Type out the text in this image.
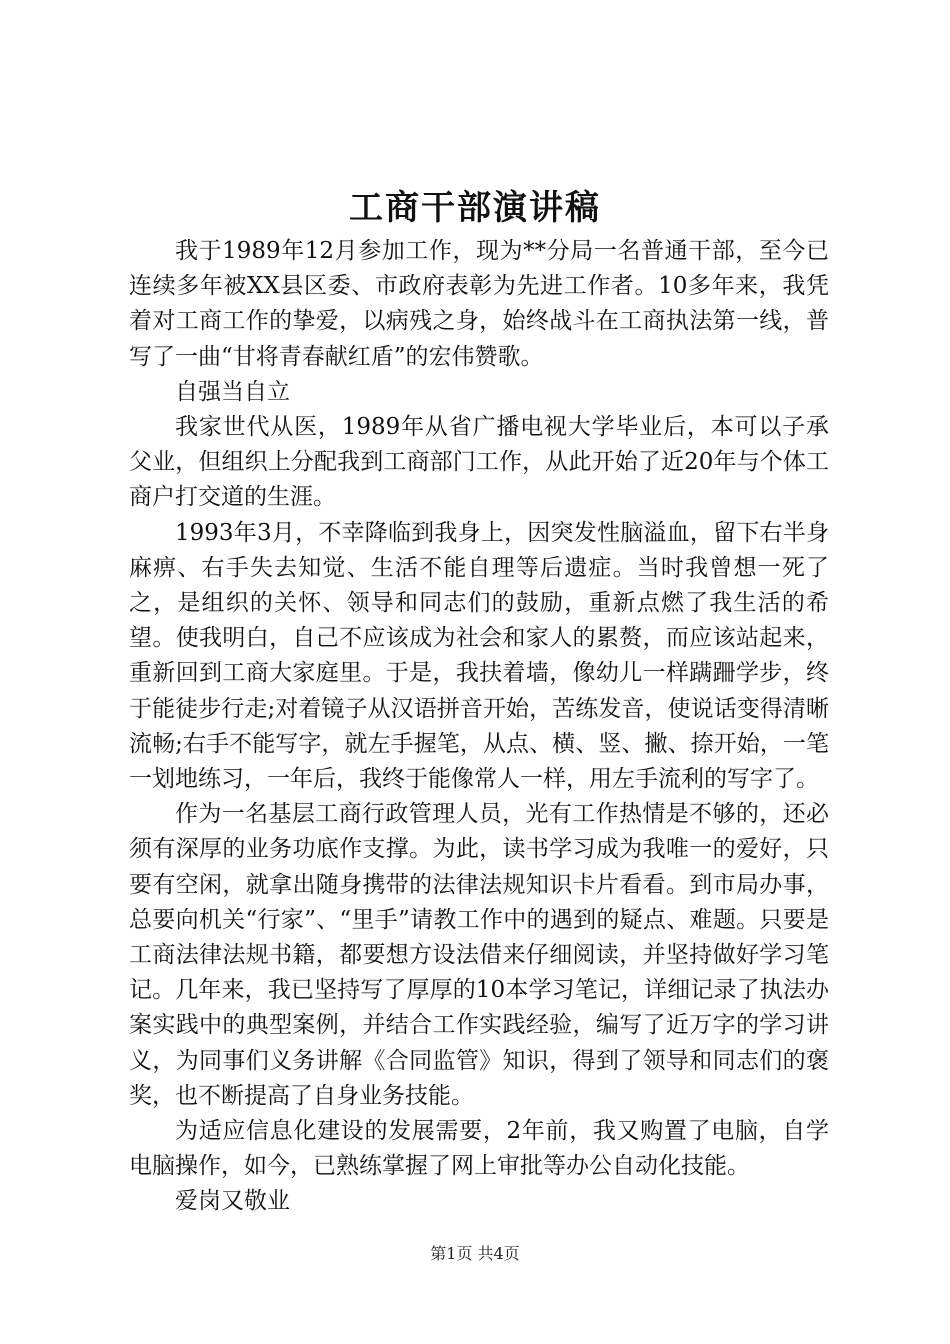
工商干部演讲稿

我于1989年12月参加工作，现为**分局一名普通干部，至今已连续多年被XX县区委、市政府表彰为先进工作者。10多年来，我凭着对工商工作的挚爱，以病残之身，始终战斗在工商执法第一线，普写了一曲“甘将青春献红盾”的宏伟赞歌。

自强当自立

我家世代从医，1989年从省广播电视大学毕业后，本可以子承父业，但组织上分配我到工商部门工作，从此开始了近20年与个体工商户打交道的生涯。

1993年3月，不幸降临到我身上，因突发性脑溢血，留下右半身麻痹、右手失去知觉、生活不能自理等后遗症。当时我曾想一死了之，是组织的关怀、领导和同志们的鼓励，重新点燃了我生活的希望。使我明白，自己不应该成为社会和家人的累赘，而应该站起来，重新回到工商大家庭里。于是，我扶着墙，像幼儿一样蹒跚学步，终于能徒步行走;对着镜子从汉语拼音开始，苦练发音，使说话变得清晰流畅;右手不能写字，就左手握笔，从点、横、竖、撇、捺开始，一笔一划地练习，一年后，我终于能像常人一样，用左手流利的写字了。

作为一名基层工商行政管理人员，光有工作热情是不够的，还必须有深厚的业务功底作支撑。为此，读书学习成为我唯一的爱好，只要有空闲，就拿出随身携带的法律法规知识卡片看看。到市局办事，总要向机关“行家”、“里手”请教工作中的遇到的疑点、难题。只要是工商法律法规书籍，都要想方设法借来仔细阅读，并坚持做好学习笔记。几年来，我已坚持写了厚厚的10本学习笔记，详细记录了执法办案实践中的典型案例，并结合工作实践经验，编写了近万字的学习讲义，为同事们义务讲解《合同监管》知识，得到了领导和同志们的褒奖，也不断提高了自身业务技能。

为适应信息化建设的发展需要，2年前，我又购置了电脑，自学电脑操作，如今，已熟练掌握了网上审批等办公自动化技能。

爱岗又敬业

第1页 共4页
